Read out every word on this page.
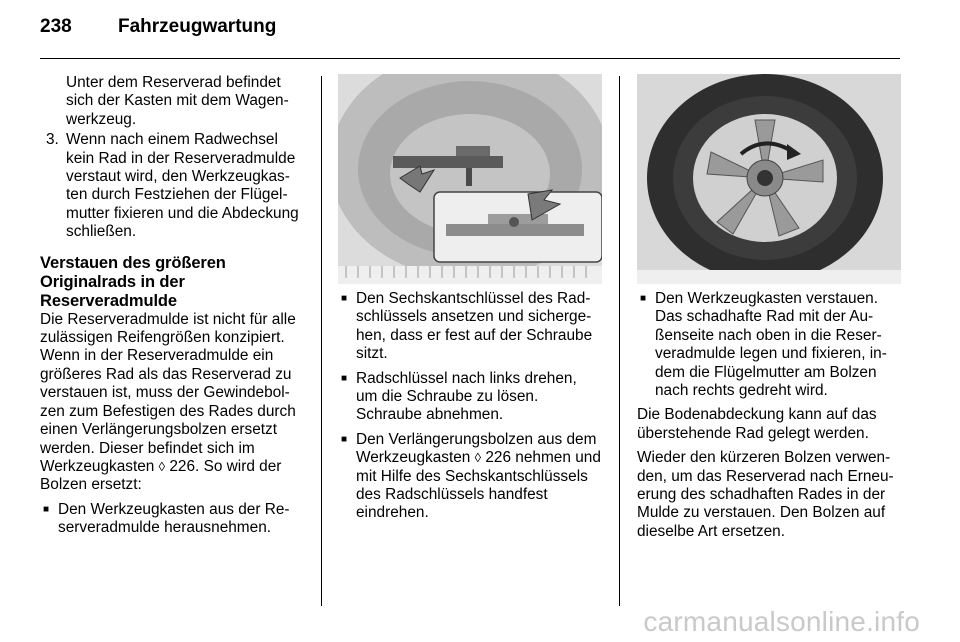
238	Fahrzeugwartung

Unter dem Reserverad befindet sich der Kasten mit dem Wagenwerkzeug.

3. Wenn nach einem Radwechsel kein Rad in der Reserveradmulde verstaut wird, den Werkzeugkasten durch Festziehen der Flügelmutter fixieren und die Abdeckung schließen.
Verstauen des größeren Originalrads in der Reserveradmulde

Die Reserveradmulde ist nicht für alle zulässigen Reifengrößen konzipiert. Wenn in der Reserveradmulde ein größeres Rad als das Reserverad zu verstauen ist, muss der Gewindebolzen zum Befestigen des Rades durch einen Verlängerungsbolzen ersetzt werden. Dieser befindet sich im Werkzeugkasten ◊ 226. So wird der Bolzen ersetzt:

■ Den Werkzeugkasten aus der Reserveradmulde herausnehmen.
■ Den Sechskantschlüssel des Radschlüssels ansetzen und sichergehen, dass er fest auf der Schraube sitzt.
■ Radschlüssel nach links drehen, um die Schraube zu lösen. Schraube abnehmen.
■ Den Verlängerungsbolzen aus dem Werkzeugkasten ◊ 226 nehmen und mit Hilfe des Sechskantschlüssels des Radschlüssels handfest eindrehen.
■ Den Werkzeugkasten verstauen. Das schadhafte Rad mit der Außenseite nach oben in die Reserveradmulde legen und fixieren, indem die Flügelmutter am Bolzen nach rechts gedreht wird.

Die Bodenabdeckung kann auf das überstehende Rad gelegt werden.

Wieder den kürzeren Bolzen verwenden, um das Reserverad nach Erneuerung des schadhaften Rades in der Mulde zu verstauen. Den Bolzen auf dieselbe Art ersetzen.

carmanualsonline.info
